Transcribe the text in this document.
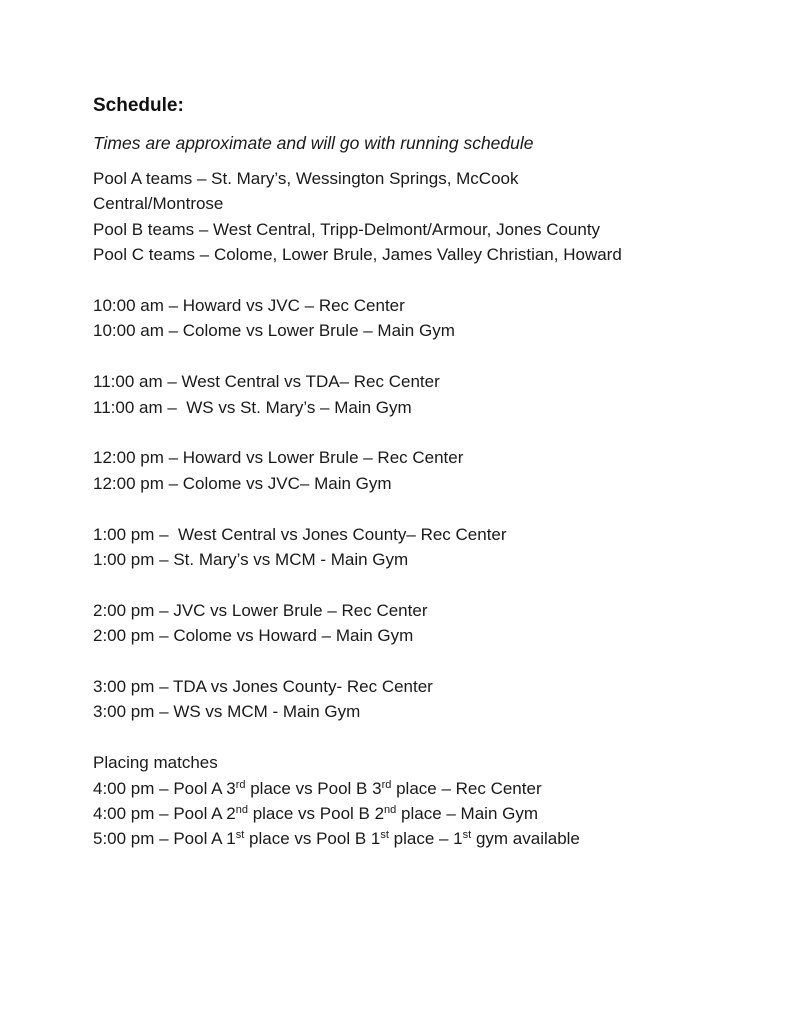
Schedule:
Times are approximate and will go with running schedule
Pool A teams – St. Mary’s, Wessington Springs, McCook
Central/Montrose
Pool B teams – West Central, Tripp-Delmont/Armour, Jones County
Pool C teams – Colome, Lower Brule, James Valley Christian, Howard
10:00 am – Howard vs JVC – Rec Center
10:00 am – Colome vs Lower Brule – Main Gym
11:00 am – West Central vs TDA– Rec Center
11:00 am –  WS vs St. Mary’s – Main Gym
12:00 pm – Howard vs Lower Brule – Rec Center
12:00 pm – Colome vs JVC– Main Gym
1:00 pm –  West Central vs Jones County– Rec Center
1:00 pm – St. Mary’s vs MCM - Main Gym
2:00 pm – JVC vs Lower Brule – Rec Center
2:00 pm – Colome vs Howard – Main Gym
3:00 pm – TDA vs Jones County- Rec Center
3:00 pm – WS vs MCM - Main Gym
Placing matches
4:00 pm – Pool A 3rd place vs Pool B 3rd place – Rec Center
4:00 pm – Pool A 2nd place vs Pool B 2nd place – Main Gym
5:00 pm – Pool A 1st place vs Pool B 1st place – 1st gym available
